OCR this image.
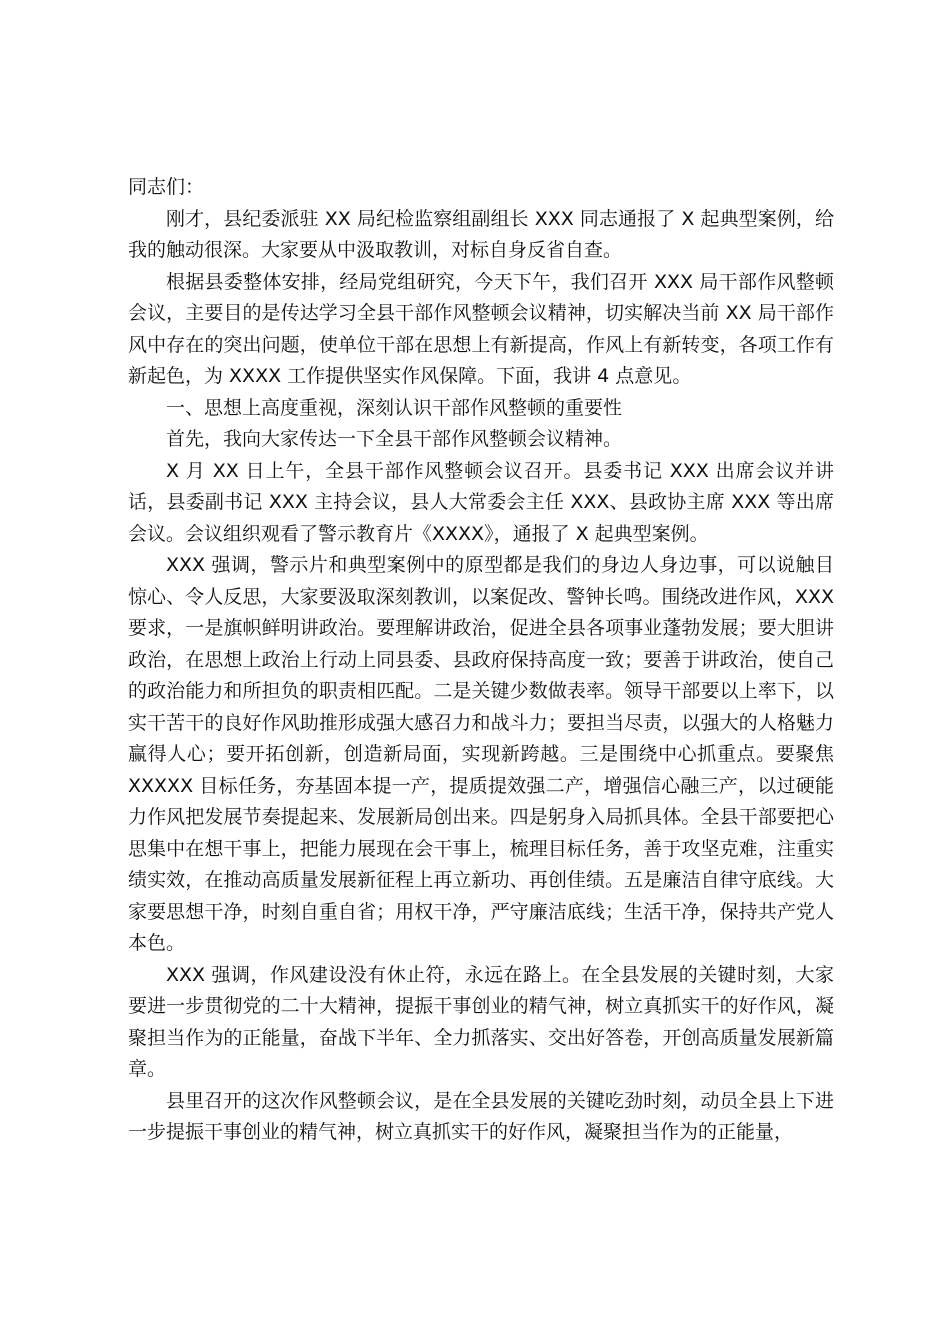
同志们：

刚才，县纪委派驻 XX 局纪检监察组副组长 XXX 同志通报了 X 起典型案例，给我的触动很深。大家要从中汲取教训，对标自身反省自查。

根据县委整体安排，经局党组研究，今天下午，我们召开 XXX 局干部作风整顿会议，主要目的是传达学习全县干部作风整顿会议精神，切实解决当前 XX 局干部作风中存在的突出问题，使单位干部在思想上有新提高，作风上有新转变，各项工作有新起色，为 XXXX 工作提供坚实作风保障。下面，我讲 4 点意见。

一、思想上高度重视，深刻认识干部作风整顿的重要性

首先，我向大家传达一下全县干部作风整顿会议精神。

X 月 XX 日上午，全县干部作风整顿会议召开。县委书记 XXX 出席会议并讲话，县委副书记 XXX 主持会议，县人大常委会主任 XXX、县政协主席 XXX 等出席会议。会议组织观看了警示教育片《XXXX》，通报了 X 起典型案例。

XXX 强调，警示片和典型案例中的原型都是我们的身边人身边事，可以说触目惊心、令人反思，大家要汲取深刻教训，以案促改、警钟长鸣。围绕改进作风，XXX 要求，一是旗帜鲜明讲政治。要理解讲政治，促进全县各项事业蓬勃发展；要大胆讲政治，在思想上政治上行动上同县委、县政府保持高度一致；要善于讲政治，使自己的政治能力和所担负的职责相匹配。二是关键少数做表率。领导干部要以上率下，以实干苦干的良好作风助推形成强大感召力和战斗力；要担当尽责，以强大的人格魅力赢得人心；要开拓创新，创造新局面，实现新跨越。三是围绕中心抓重点。要聚焦 XXXXX 目标任务，夯基固本提一产，提质提效强二产，增强信心融三产，以过硬能力作风把发展节奏提起来、发展新局创出来。四是躬身入局抓具体。全县干部要把心思集中在想干事上，把能力展现在会干事上，梳理目标任务，善于攻坚克难，注重实绩实效，在推动高质量发展新征程上再立新功、再创佳绩。五是廉洁自律守底线。大家要思想干净，时刻自重自省；用权干净，严守廉洁底线；生活干净，保持共产党人本色。

XXX 强调，作风建设没有休止符，永远在路上。在全县发展的关键时刻，大家要进一步贯彻党的二十大精神，提振干事创业的精气神，树立真抓实干的好作风，凝聚担当作为的正能量，奋战下半年、全力抓落实、交出好答卷，开创高质量发展新篇章。

县里召开的这次作风整顿会议，是在全县发展的关键吃劲时刻，动员全县上下进一步提振干事创业的精气神，树立真抓实干的好作风，凝聚担当作为的正能量，
